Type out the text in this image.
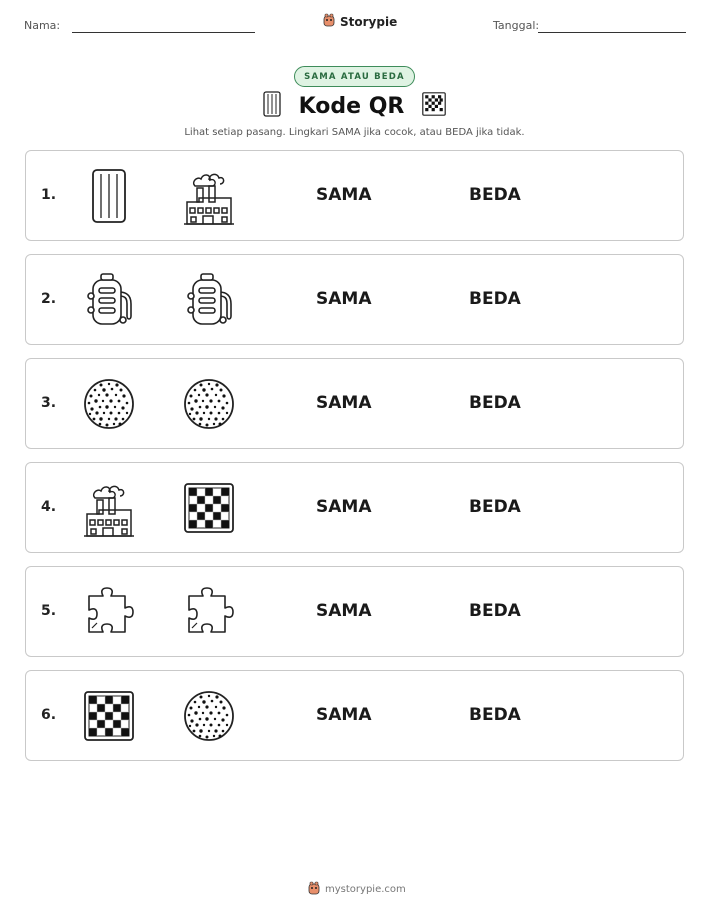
Nama:	Storypie	Tanggal:
SAMA ATAU BEDA
Kode QR
Lihat setiap pasang. Lingkari SAMA jika cocok, atau BEDA jika tidak.
1.	SAMA	BEDA
2.	SAMA	BEDA
3.	SAMA	BEDA
4.	SAMA	BEDA
5.	SAMA	BEDA
6.	SAMA	BEDA
mystorypie.com
